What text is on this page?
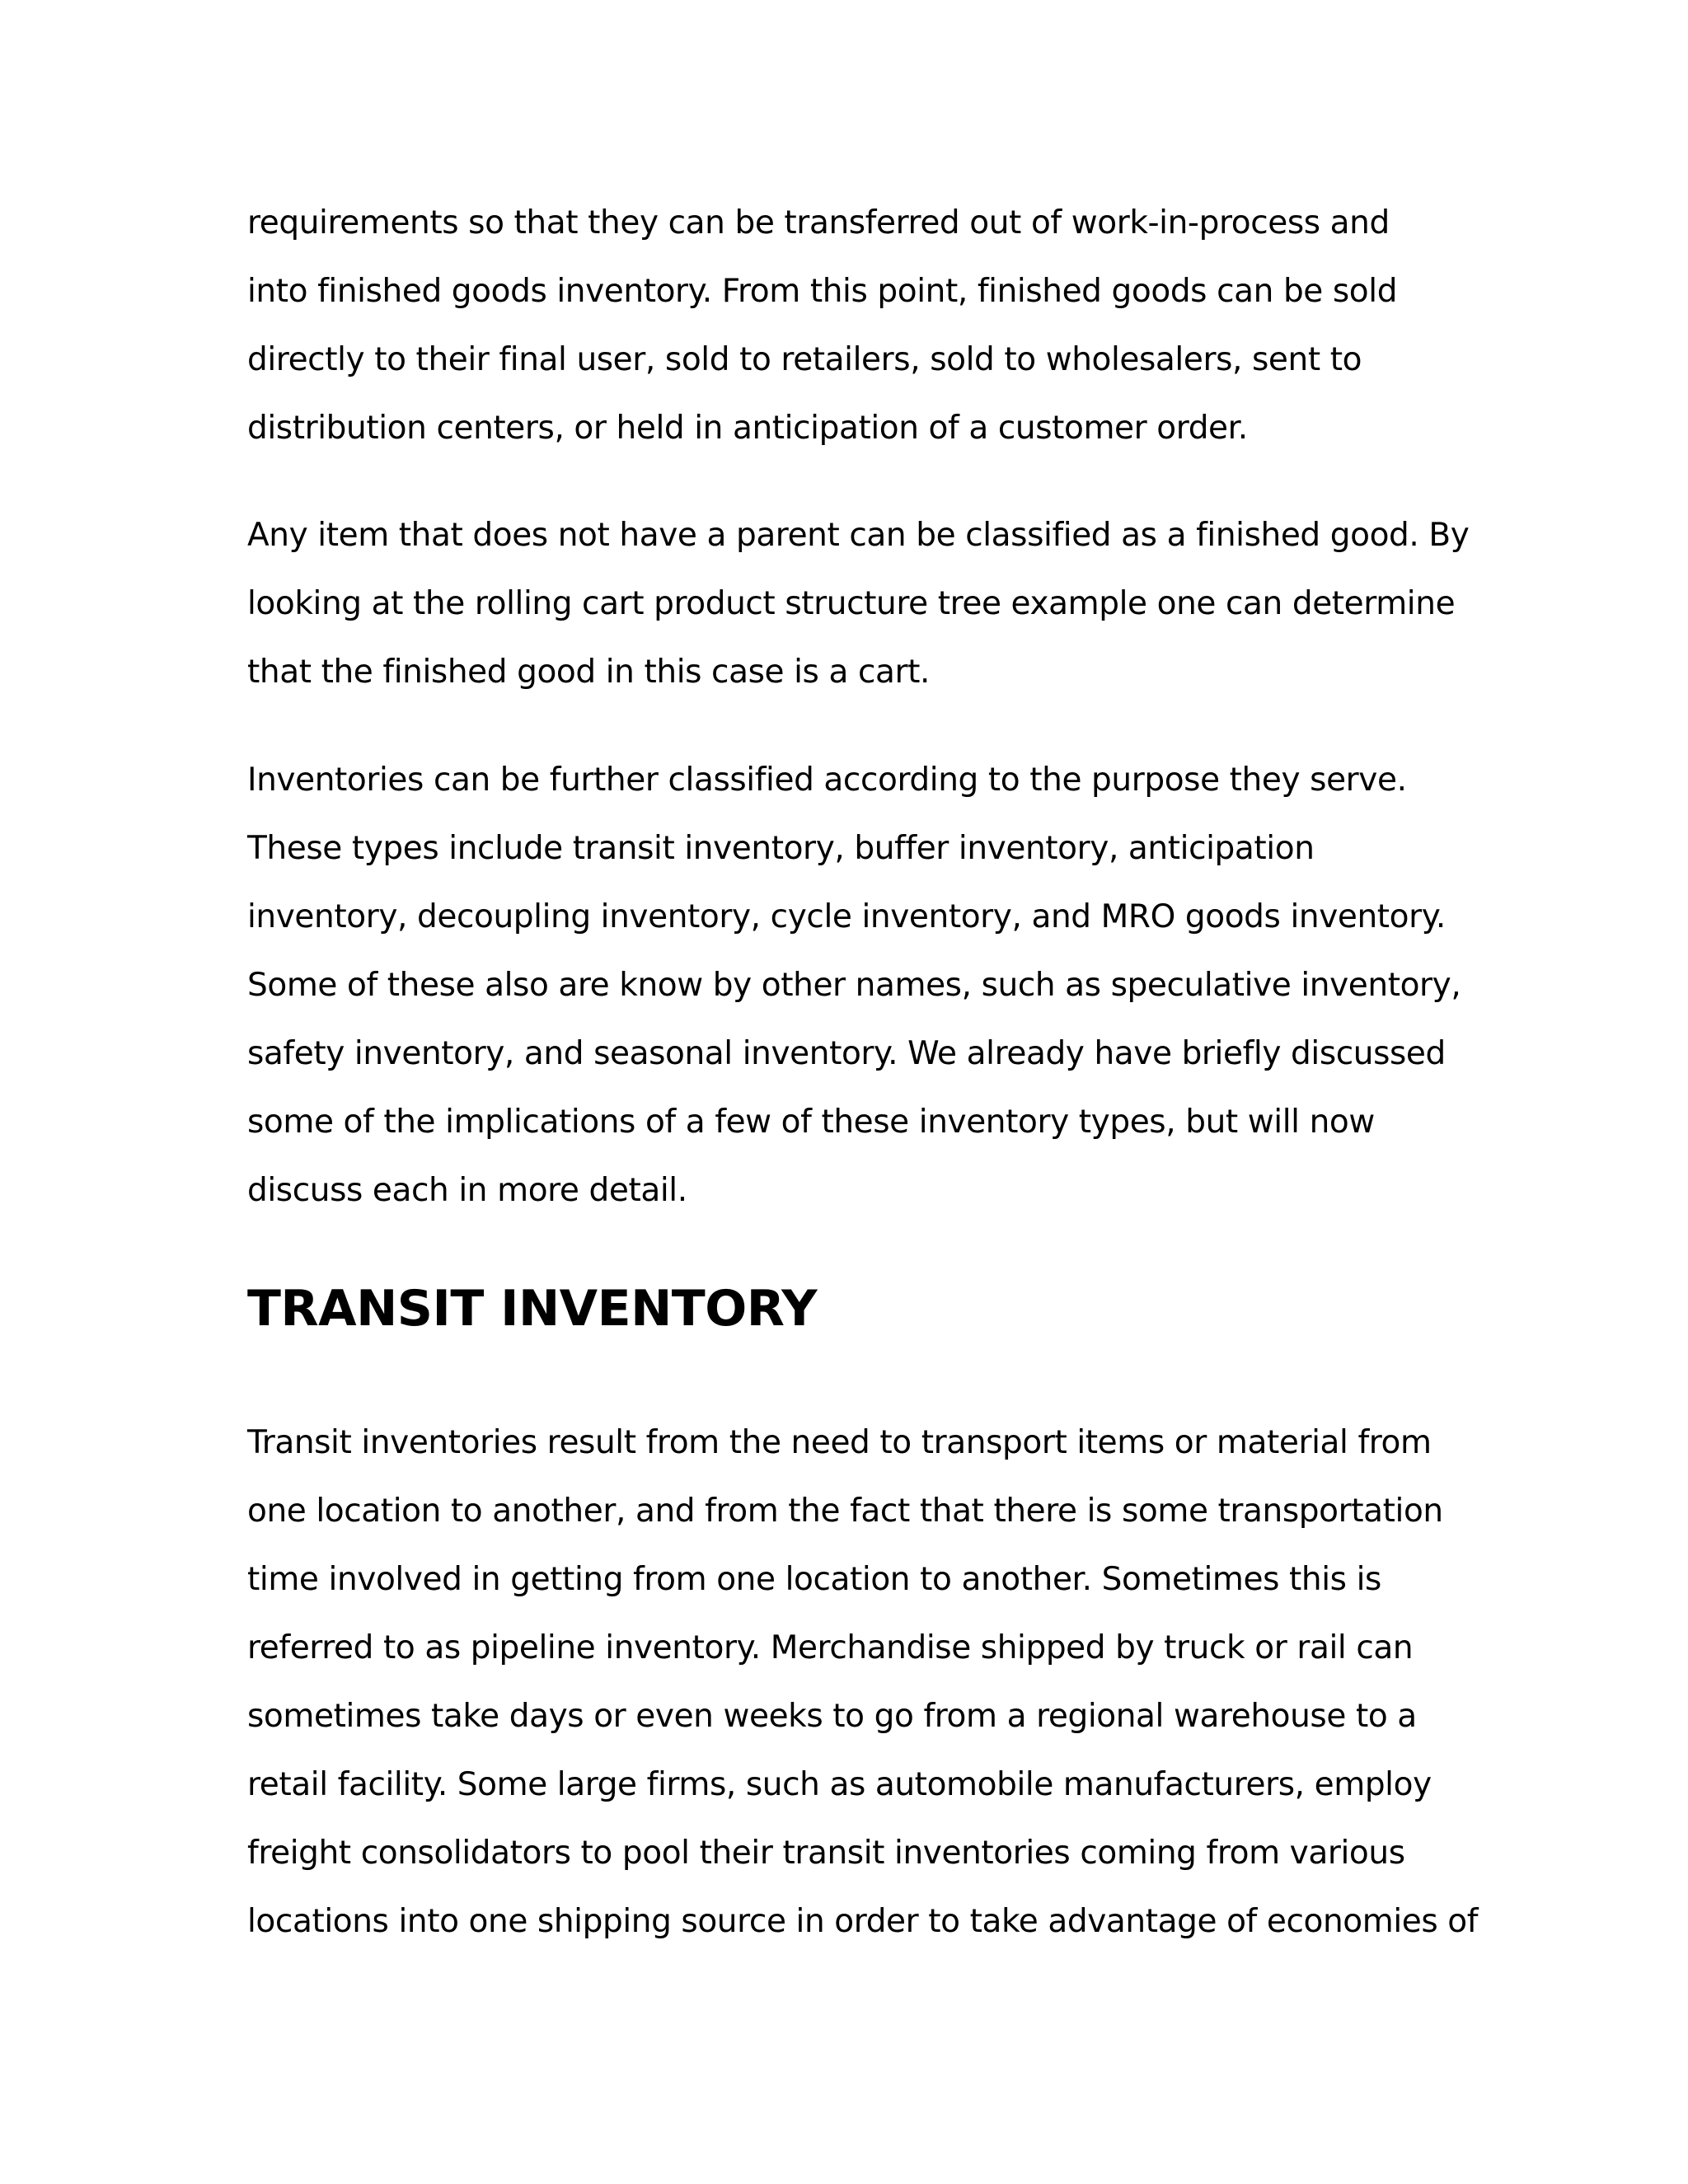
requirements so that they can be transferred out of work-in-process and
into finished goods inventory. From this point, finished goods can be sold
directly to their final user, sold to retailers, sold to wholesalers, sent to
distribution centers, or held in anticipation of a customer order.
Any item that does not have a parent can be classified as a finished good. By
looking at the rolling cart product structure tree example one can determine
that the finished good in this case is a cart.
Inventories can be further classified according to the purpose they serve.
These types include transit inventory, buffer inventory, anticipation
inventory, decoupling inventory, cycle inventory, and MRO goods inventory.
Some of these also are know by other names, such as speculative inventory,
safety inventory, and seasonal inventory. We already have briefly discussed
some of the implications of a few of these inventory types, but will now
discuss each in more detail.
TRANSIT INVENTORY
Transit inventories result from the need to transport items or material from
one location to another, and from the fact that there is some transportation
time involved in getting from one location to another. Sometimes this is
referred to as pipeline inventory. Merchandise shipped by truck or rail can
sometimes take days or even weeks to go from a regional warehouse to a
retail facility. Some large firms, such as automobile manufacturers, employ
freight consolidators to pool their transit inventories coming from various
locations into one shipping source in order to take advantage of economies of
